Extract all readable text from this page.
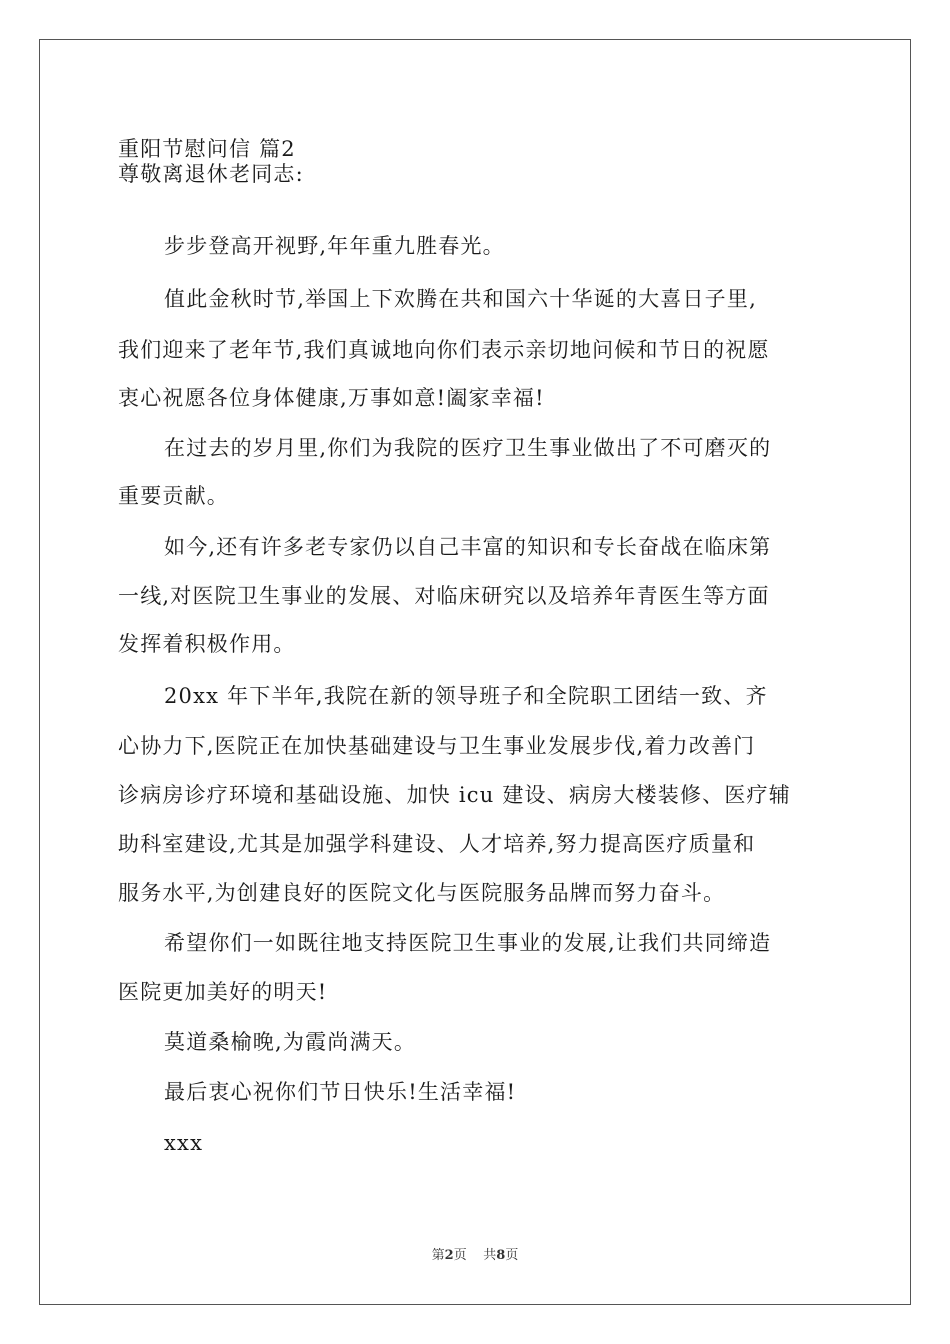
重阳节慰问信 篇2
尊敬离退休老同志:
步步登高开视野,年年重九胜春光。
值此金秋时节,举国上下欢腾在共和国六十华诞的大喜日子里,
我们迎来了老年节,我们真诚地向你们表示亲切地问候和节日的祝愿
衷心祝愿各位身体健康,万事如意!阖家幸福!
在过去的岁月里,你们为我院的医疗卫生事业做出了不可磨灭的
重要贡献。
如今,还有许多老专家仍以自己丰富的知识和专长奋战在临床第
一线,对医院卫生事业的发展、对临床研究以及培养年青医生等方面
发挥着积极作用。
20xx 年下半年,我院在新的领导班子和全院职工团结一致、齐
心协力下,医院正在加快基础建设与卫生事业发展步伐,着力改善门
诊病房诊疗环境和基础设施、加快 icu 建设、病房大楼装修、医疗辅
助科室建设,尤其是加强学科建设、人才培养,努力提高医疗质量和
服务水平,为创建良好的医院文化与医院服务品牌而努力奋斗。
希望你们一如既往地支持医院卫生事业的发展,让我们共同缔造
医院更加美好的明天!
莫道桑榆晚,为霞尚满天。
最后衷心祝你们节日快乐!生活幸福!
xxx
第2页 共8页
